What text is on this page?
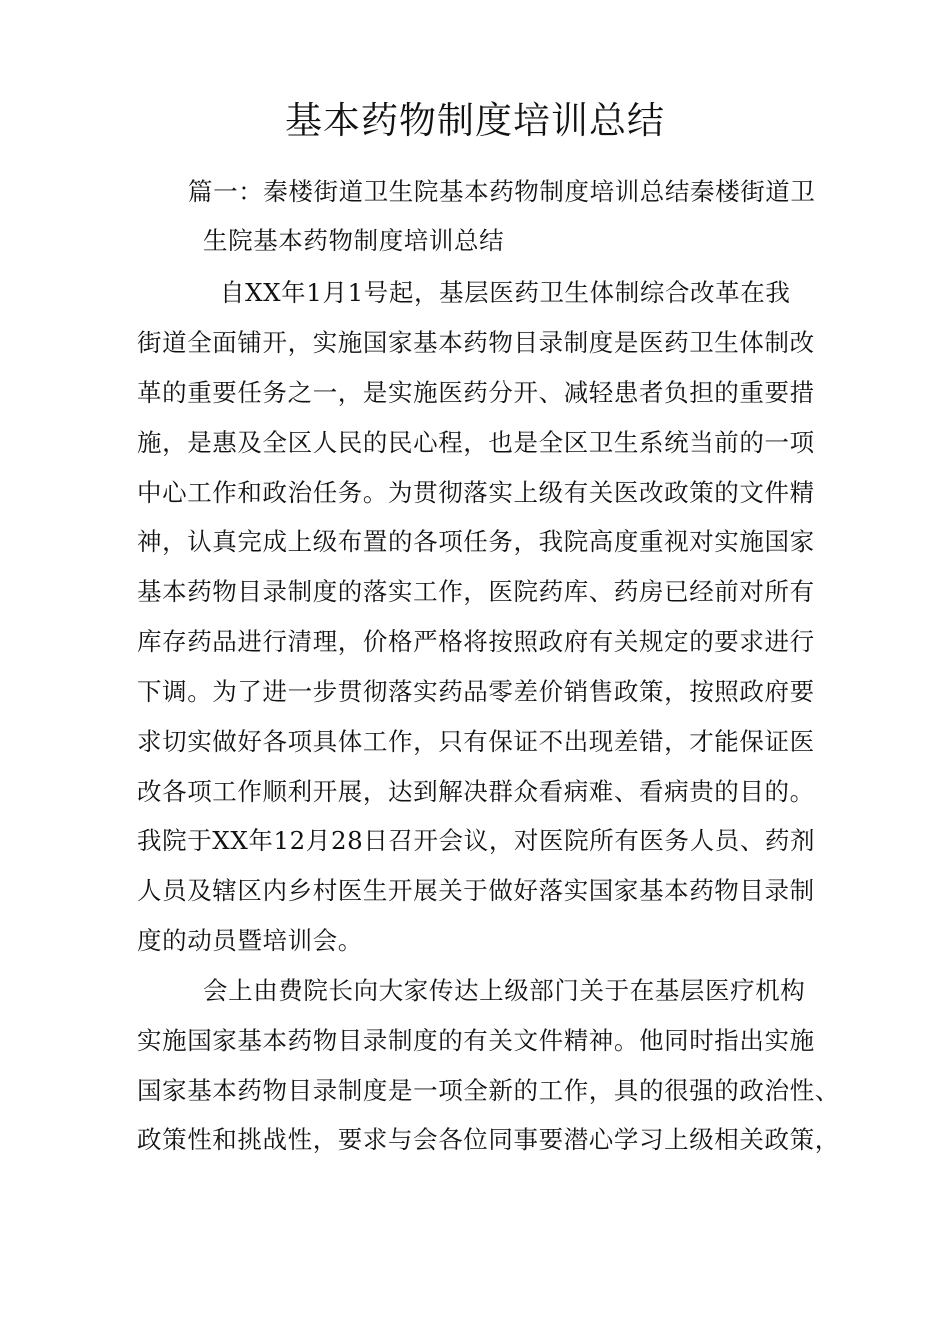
基本药物制度培训总结

篇一：秦楼街道卫生院基本药物制度培训总结秦楼街道卫

生院基本药物制度培训总结

自XX年1月1号起，基层医药卫生体制综合改革在我

街道全面铺开，实施国家基本药物目录制度是医药卫生体制改

革的重要任务之一，是实施医药分开、减轻患者负担的重要措

施，是惠及全区人民的民心程，也是全区卫生系统当前的一项

中心工作和政治任务。为贯彻落实上级有关医改政策的文件精

神，认真完成上级布置的各项任务，我院高度重视对实施国家

基本药物目录制度的落实工作，医院药库、药房已经前对所有

库存药品进行清理，价格严格将按照政府有关规定的要求进行

下调。为了进一步贯彻落实药品零差价销售政策，按照政府要

求切实做好各项具体工作，只有保证不出现差错，才能保证医

改各项工作顺利开展，达到解决群众看病难、看病贵的目的。

我院于XX年12月28日召开会议，对医院所有医务人员、药剂

人员及辖区内乡村医生开展关于做好落实国家基本药物目录制

度的动员暨培训会。

会上由费院长向大家传达上级部门关于在基层医疗机构

实施国家基本药物目录制度的有关文件精神。他同时指出实施

国家基本药物目录制度是一项全新的工作，具的很强的政治性、

政策性和挑战性，要求与会各位同事要潜心学习上级相关政策，
